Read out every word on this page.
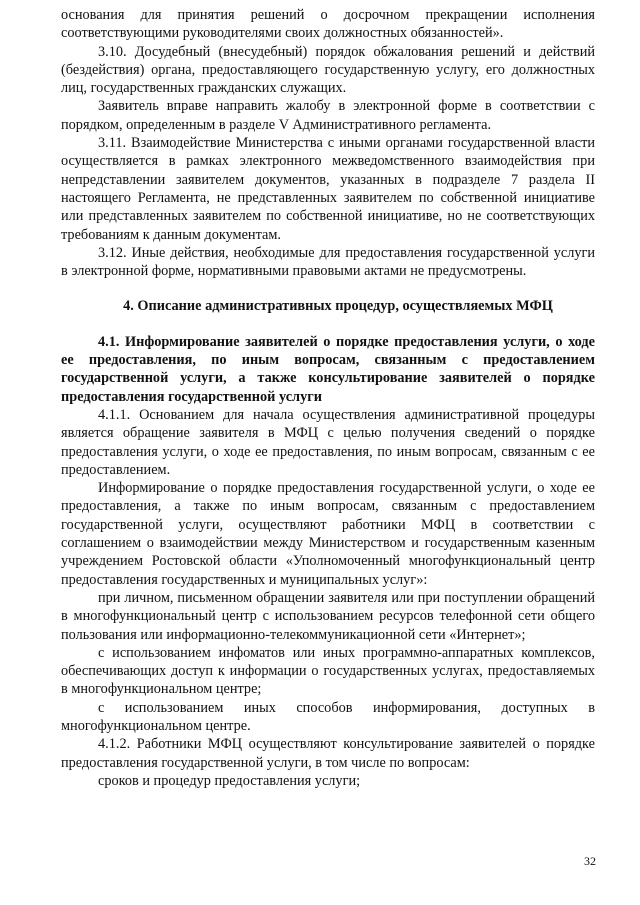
основания для принятия решений о досрочном прекращении исполнения соответствующими руководителями своих должностных обязанностей».

3.10. Досудебный (внесудебный) порядок обжалования решений и действий (бездействия) органа, предоставляющего государственную услугу, его должностных лиц, государственных гражданских служащих.

Заявитель вправе направить жалобу в электронной форме в соответствии с порядком, определенным в разделе V Административного регламента.

3.11. Взаимодействие Министерства с иными органами государственной власти осуществляется в рамках электронного межведомственного взаимодействия при непредставлении заявителем документов, указанных в подразделе 7 раздела II настоящего Регламента, не представленных заявителем по собственной инициативе или представленных заявителем по собственной инициативе, но не соответствующих требованиям к данным документам.

3.12. Иные действия, необходимые для предоставления государственной услуги в электронной форме, нормативными правовыми актами не предусмотрены.

4. Описание административных процедур, осуществляемых МФЦ

4.1. Информирование заявителей о порядке предоставления услуги, о ходе ее предоставления, по иным вопросам, связанным с предоставлением государственной услуги, а также консультирование заявителей о порядке предоставления государственной услуги

4.1.1. Основанием для начала осуществления административной процедуры является обращение заявителя в МФЦ с целью получения сведений о порядке предоставления услуги, о ходе ее предоставления, по иным вопросам, связанным с ее предоставлением.

Информирование о порядке предоставления государственной услуги, о ходе ее предоставления, а также по иным вопросам, связанным с предоставлением государственной услуги, осуществляют работники МФЦ в соответствии с соглашением о взаимодействии между Министерством и государственным казенным учреждением Ростовской области «Уполномоченный многофункциональный центр предоставления государственных и муниципальных услуг»:

при личном, письменном обращении заявителя или при поступлении обращений в многофункциональный центр с использованием ресурсов телефонной сети общего пользования или информационно-телекоммуникационной сети «Интернет»;

с использованием инфоматов или иных программно-аппаратных комплексов, обеспечивающих доступ к информации о государственных услугах, предоставляемых в многофункциональном центре;

с использованием иных способов информирования, доступных в многофункциональном центре.

4.1.2. Работники МФЦ осуществляют консультирование заявителей о порядке предоставления государственной услуги, в том числе по вопросам:

сроков и процедур предоставления услуги;

32
